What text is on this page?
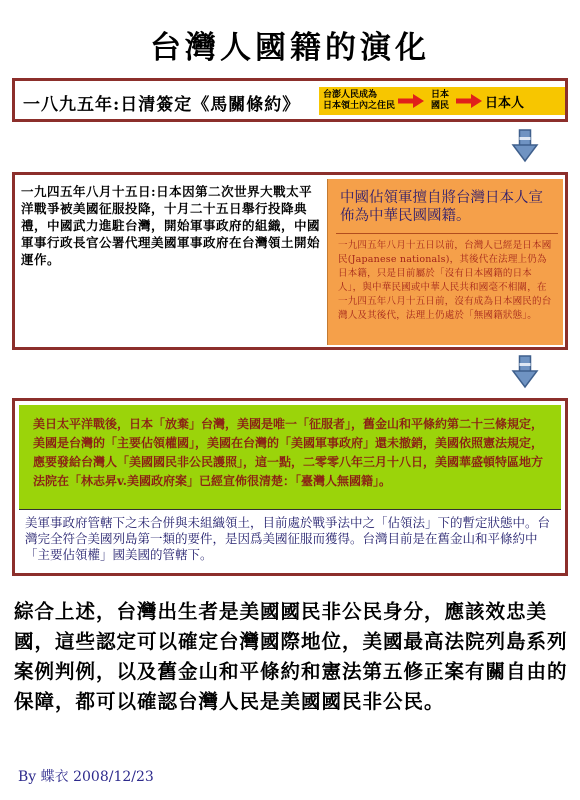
台灣人國籍的演化
一八九五年:日清簽定《馬關條約》	台澎人民成為
日本領土內之住民
日本
國民	日本人
一九四五年八月十五日:日本因第二次世界大戰太平洋戰爭被美國征服投降，十月二十五日舉行投降典禮，中國武力進駐台灣，開始軍事政府的組織，中國軍事行政長官公署代理美國軍事政府在台灣領土開始運作。
中國佔領軍擅自將台灣日本人宣佈為中華民國國籍。
一九四五年八月十五日以前，台灣人已經是日本國民(Japanese nationals)，其後代在法理上仍為日本籍，只是目前屬於「沒有日本國籍的日本人」，與中華民國或中華人民共和國毫不相關，在一九四五年八月十五日前，沒有成為日本國民的台灣人及其後代，法理上仍處於「無國籍狀態」。
美日太平洋戰後，日本「放棄」台灣，美國是唯一「征服者」，舊金山和平條約第二十三條規定，美國是台灣的「主要佔領權國」，美國在台灣的「美國軍事政府」還未撤銷，美國依照憲法規定，應要發給台灣人「美國國民非公民護照」，這一點，二零零八年三月十八日，美國華盛頓特區地方法院在「林志昇v.美國政府案」已經宣佈很清楚：「臺灣人無國籍」。
美軍事政府管轄下之未合併與未組織領土，目前處於戰爭法中之「佔領法」下的暫定狀態中。台灣完全符合美國列島第一類的要件，是因爲美國征服而獲得。台灣目前是在舊金山和平條約中「主要佔領權」國美國的管轄下。
綜合上述，台灣出生者是美國國民非公民身分，應該效忠美國，這些認定可以確定台灣國際地位，美國最高法院列島系列案例判例，以及舊金山和平條約和憲法第五修正案有關自由的保障，都可以確認台灣人民是美國國民非公民。
By 蝶衣 2008/12/23
